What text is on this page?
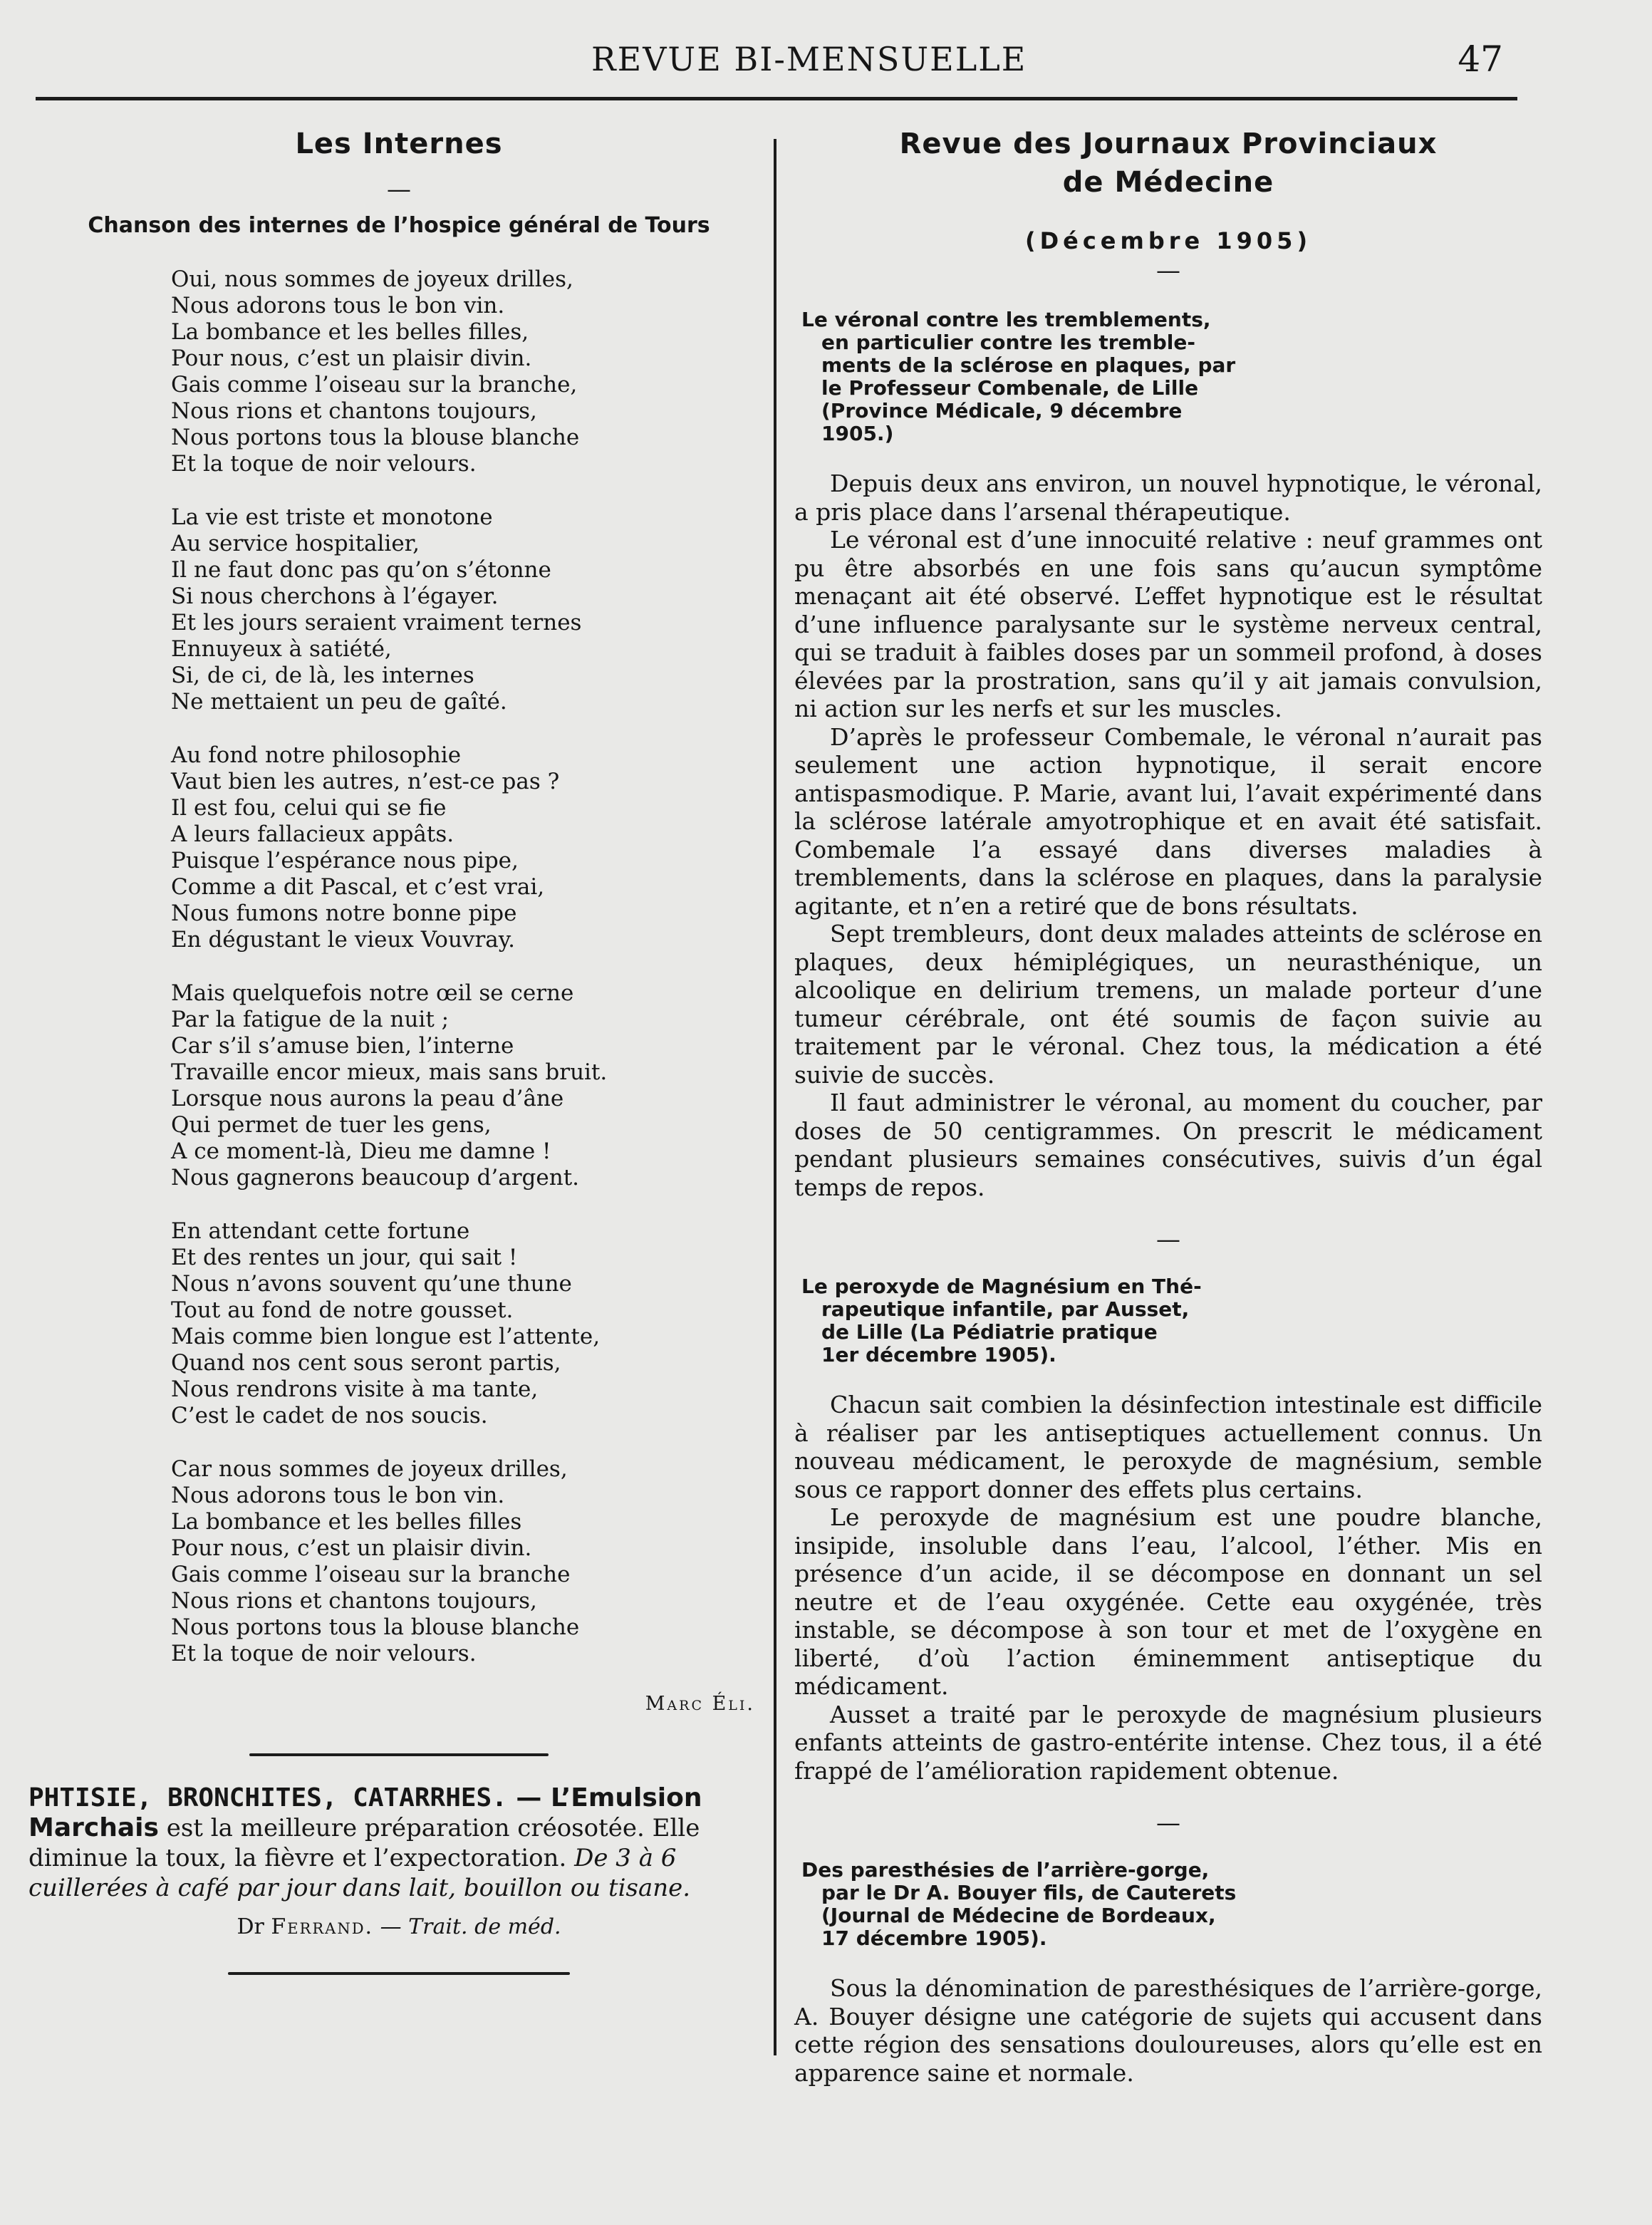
REVUE BI-MENSUELLE	47
Les Internes
—
Chanson des internes de l’hospice général de Tours
Oui, nous sommes de joyeux drilles,
Nous adorons tous le bon vin.
La bombance et les belles filles,
Pour nous, c’est un plaisir divin.
Gais comme l’oiseau sur la branche,
Nous rions et chantons toujours,
Nous portons tous la blouse blanche
Et la toque de noir velours.
La vie est triste et monotone
Au service hospitalier,
Il ne faut donc pas qu’on s’étonne
Si nous cherchons à l’égayer.
Et les jours seraient vraiment ternes
Ennuyeux à satiété,
Si, de ci, de là, les internes
Ne mettaient un peu de gaîté.
Au fond notre philosophie
Vaut bien les autres, n’est-ce pas ?
Il est fou, celui qui se fie
A leurs fallacieux appâts.
Puisque l’espérance nous pipe,
Comme a dit Pascal, et c’est vrai,
Nous fumons notre bonne pipe
En dégustant le vieux Vouvray.
Mais quelquefois notre œil se cerne
Par la fatigue de la nuit ;
Car s’il s’amuse bien, l’interne
Travaille encor mieux, mais sans bruit.
Lorsque nous aurons la peau d’âne
Qui permet de tuer les gens,
A ce moment-là, Dieu me damne !
Nous gagnerons beaucoup d’argent.
En attendant cette fortune
Et des rentes un jour, qui sait !
Nous n’avons souvent qu’une thune
Tout au fond de notre gousset.
Mais comme bien longue est l’attente,
Quand nos cent sous seront partis,
Nous rendrons visite à ma tante,
C’est le cadet de nos soucis.
Car nous sommes de joyeux drilles,
Nous adorons tous le bon vin.
La bombance et les belles filles
Pour nous, c’est un plaisir divin.
Gais comme l’oiseau sur la branche
Nous rions et chantons toujours,
Nous portons tous la blouse blanche
Et la toque de noir velours.
Marc Éli.
PHTISIE, BRONCHITES, CATARRHES. — L’Emulsion Marchais est la meilleure préparation créosotée. Elle diminue la toux, la fièvre et l’expectoration. De 3 à 6 cuillerées à café par jour dans lait, bouillon ou tisane.
Dr Ferrand. — Trait. de méd.
Revue des Journaux Provinciaux
de Médecine
(Décembre 1905)
—
Le véronal contre les tremblements,
en particulier contre les tremble-
ments de la sclérose en plaques, par
le Professeur Combenale, de Lille
(Province Médicale, 9 décembre
1905.)

Depuis deux ans environ, un nouvel hypnotique, le véronal, a pris place dans l’arsenal thérapeutique.

Le véronal est d’une innocuité relative : neuf grammes ont pu être absorbés en une fois sans qu’aucun symptôme menaçant ait été observé. L’effet hypnotique est le résultat d’une influence paralysante sur le système nerveux central, qui se traduit à faibles doses par un sommeil profond, à doses élevées par la prostration, sans qu’il y ait jamais convulsion, ni action sur les nerfs et sur les muscles.

D’après le professeur Combemale, le véronal n’aurait pas seulement une action hypnotique, il serait encore antispasmodique. P. Marie, avant lui, l’avait expérimenté dans la sclérose latérale amyotrophique et en avait été satisfait. Combemale l’a essayé dans diverses maladies à tremblements, dans la sclérose en plaques, dans la paralysie agitante, et n’en a retiré que de bons résultats.

Sept trembleurs, dont deux malades atteints de sclérose en plaques, deux hémiplégiques, un neurasthénique, un alcoolique en delirium tremens, un malade porteur d’une tumeur cérébrale, ont été soumis de façon suivie au traitement par le véronal. Chez tous, la médication a été suivie de succès.

Il faut administrer le véronal, au moment du coucher, par doses de 50 centigrammes. On prescrit le médicament pendant plusieurs semaines consécutives, suivis d’un égal temps de repos.

—
Le peroxyde de Magnésium en Thé-
rapeutique infantile, par Ausset,
de Lille (La Pédiatrie pratique
1er décembre 1905).

Chacun sait combien la désinfection intestinale est difficile à réaliser par les antiseptiques actuellement connus. Un nouveau médicament, le peroxyde de magnésium, semble sous ce rapport donner des effets plus certains.

Le peroxyde de magnésium est une poudre blanche, insipide, insoluble dans l’eau, l’alcool, l’éther. Mis en présence d’un acide, il se décompose en donnant un sel neutre et de l’eau oxygénée. Cette eau oxygénée, très instable, se décompose à son tour et met de l’oxygène en liberté, d’où l’action éminemment antiseptique du médicament.

Ausset a traité par le peroxyde de magnésium plusieurs enfants atteints de gastro-entérite intense. Chez tous, il a été frappé de l’amélioration rapidement obtenue.

—
Des paresthésies de l’arrière-gorge,
par le Dr A. Bouyer fils, de Cauterets
(Journal de Médecine de Bordeaux,
17 décembre 1905).

Sous la dénomination de paresthésiques de l’arrière-gorge, A. Bouyer désigne une catégorie de sujets qui accusent dans cette région des sensations douloureuses, alors qu’elle est en apparence saine et normale.
